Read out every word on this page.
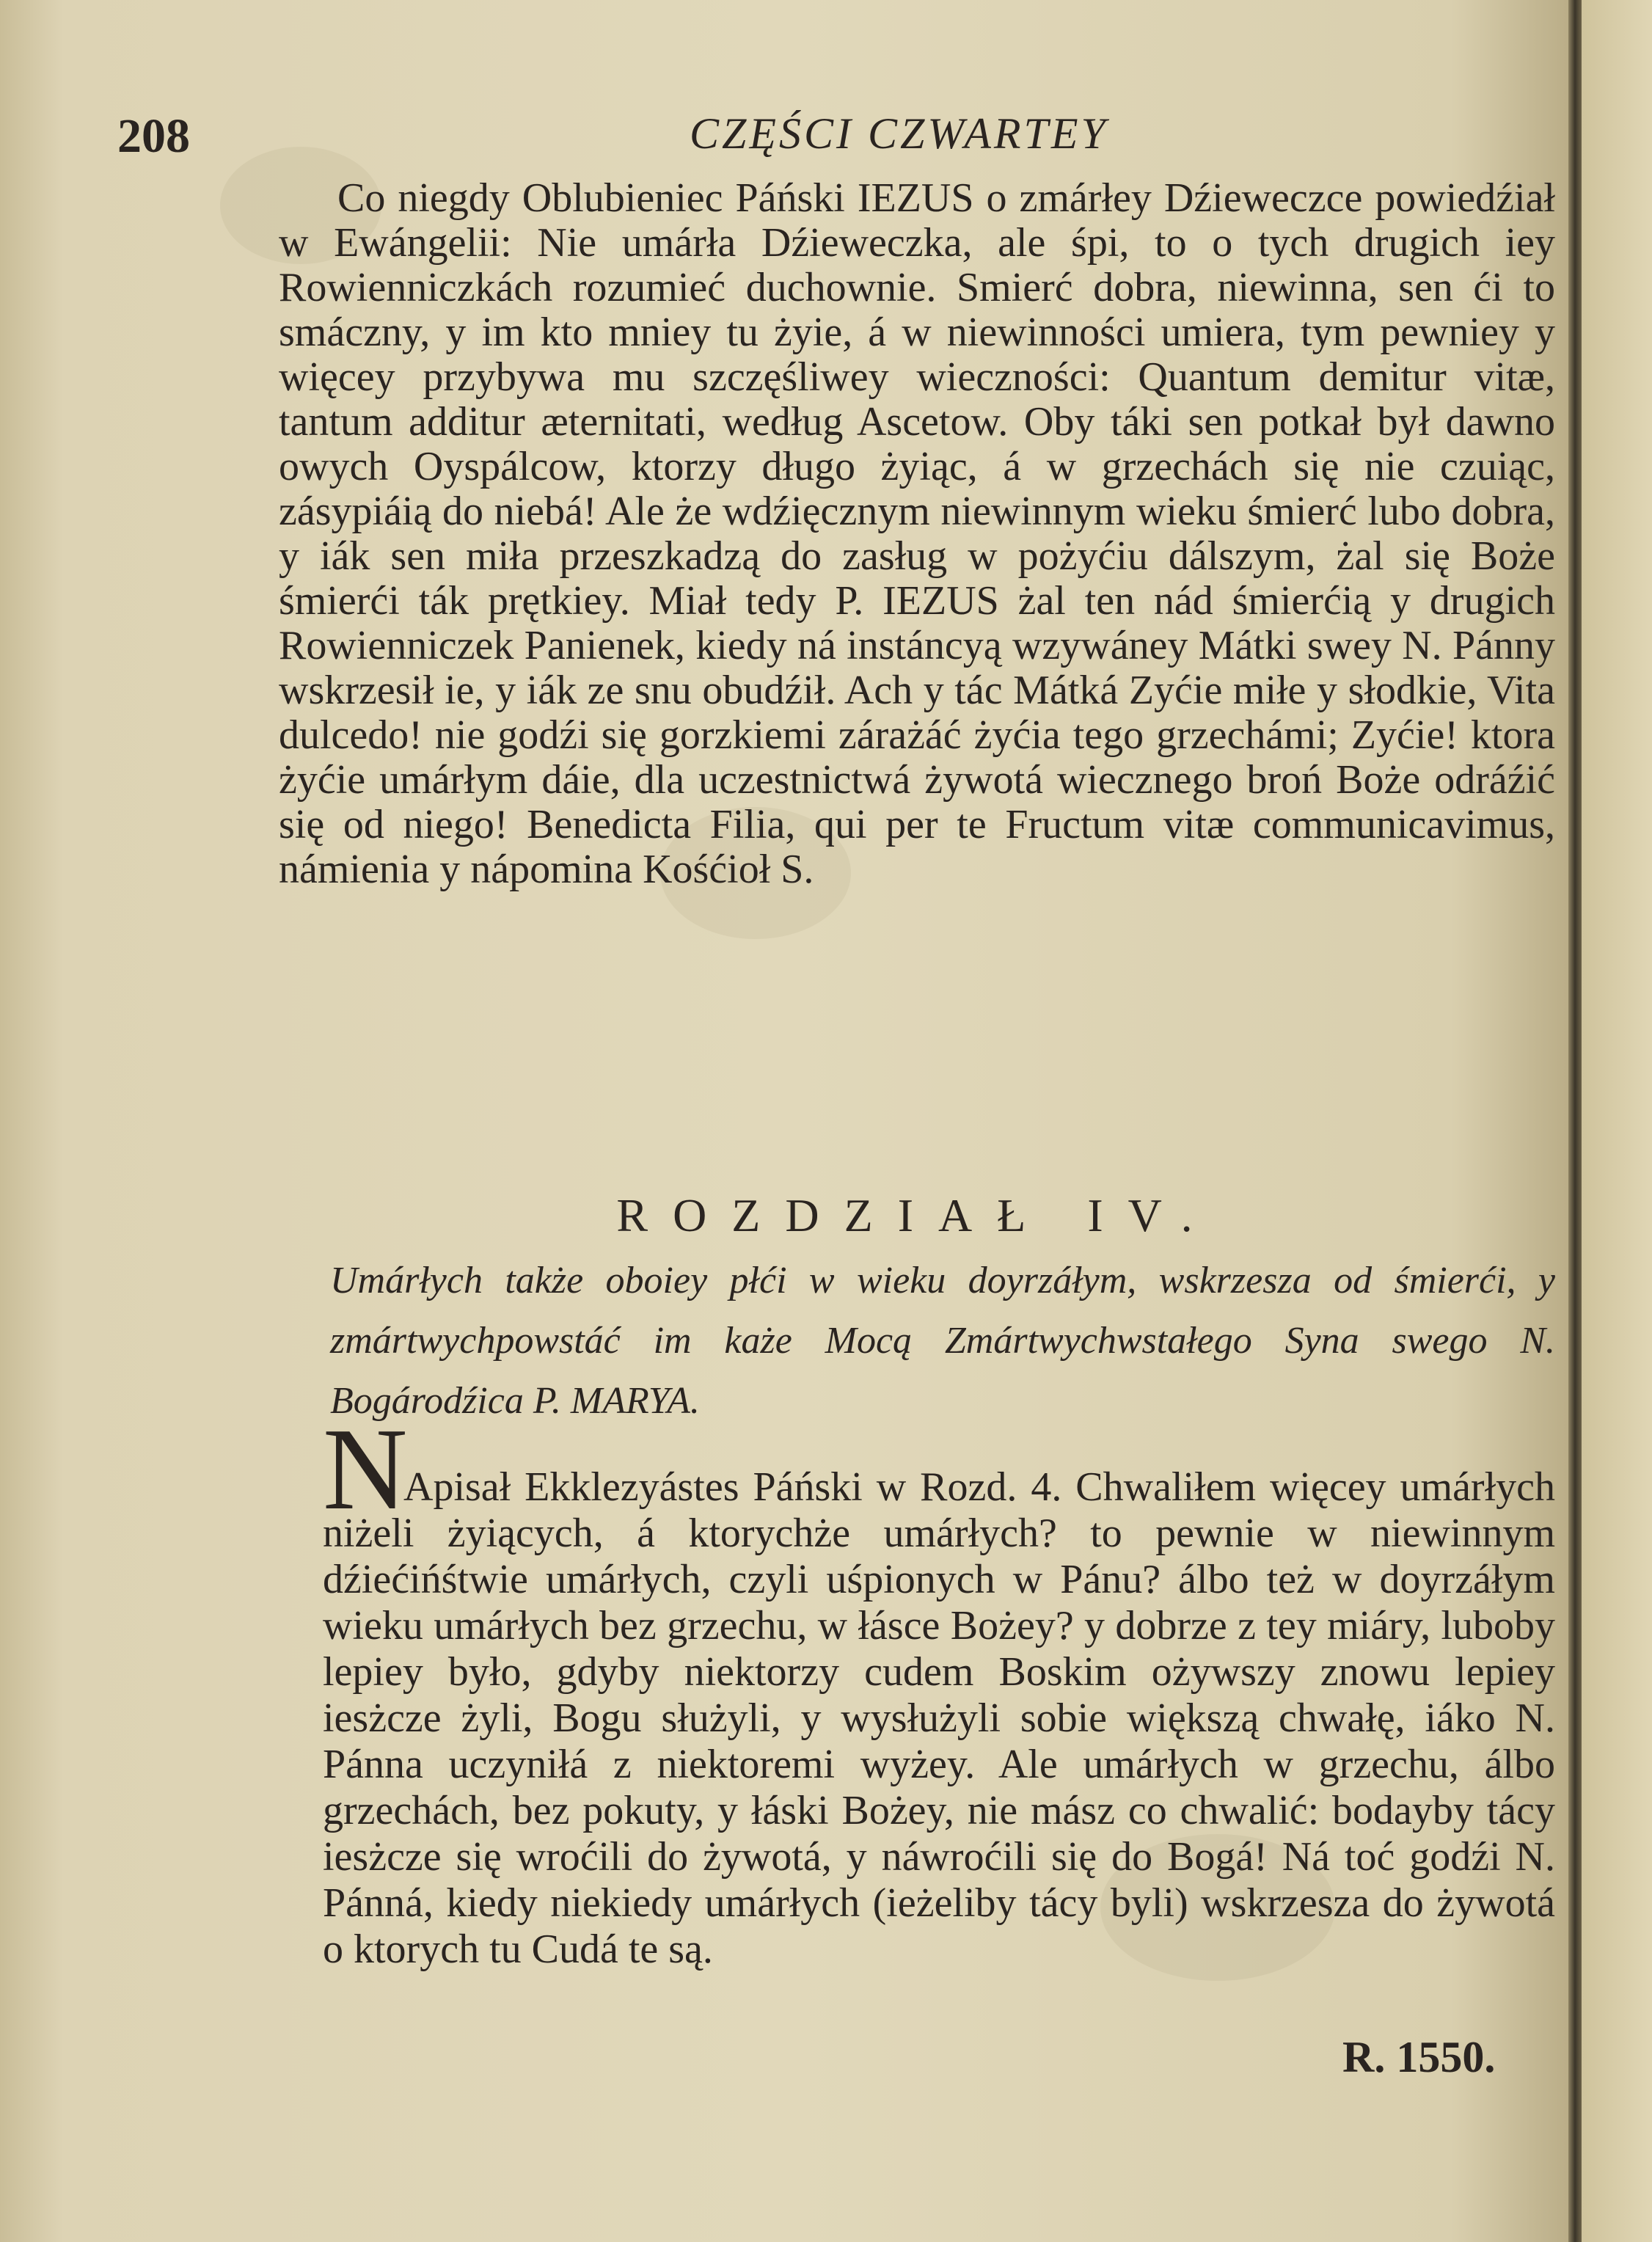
208	CZĘŚCI CZWARTEY

Co niegdy Oblubieniec Páński IEZUS o zmárłey Dźieweczce powiedźiał w Ewángelii: Nie umárła Dźieweczka, ale śpi, to o tych drugich iey Rowienniczkách rozumieć duchownie. Smierć dobra, niewinna, sen ći to smáczny, y im kto mniey tu żyie, á w niewinności umiera, tym pewniey y więcey przybywa mu szczęśliwey wieczności: Quantum demitur vitæ, tantum additur æternitati, według Ascetow. Oby táki sen potkał był dawno owych Oyspálcow, ktorzy długo żyiąc, á w grzechách się nie czuiąc, zásypiáią do niebá! Ale że wdźięcznym niewinnym wieku śmierć lubo dobra, y iák sen miła przeszkadzą do zasług w pożyćiu dálszym, żal się Boże śmierći ták prętkiey. Miał tedy P. IEZUS żal ten nád śmierćią y drugich Rowienniczek Panienek, kiedy ná instáncyą wzywáney Mátki swey N. Pánny wskrzesił ie, y iák ze snu obudźił. Ach y tác Mátká Zyćie miłe y słodkie, Vita dulcedo! nie godźi się gorzkiemi zárażáć żyćia tego grzechámi; Zyćie! ktora żyćie umárłym dáie, dla uczestnictwá żywotá wiecznego broń Boże odráźić się od niego! Benedicta Filia, qui per te Fructum vitæ communicavimus, námienia y nápomina Kośćioł S.

ROZDZIAŁ IV.
Umárłych także oboiey płći w wieku doyrzáłym, wskrzesza od śmierći, y zmártwychpowstáć im każe Mocą Zmártwychwstałego Syna swego N. Bogárodźica P. MARYA.
N

Apisał Ekklezyástes Páński w Rozd. 4. Chwaliłem więcey umárłych niżeli żyiących, á ktorychże umárłych? to pewnie w niewinnym dźiećińśtwie umárłych, czyli uśpionych w Pánu? álbo też w doyrzáłym wieku umárłych bez grzechu, w łásce Bożey? y dobrze z tey miáry, luboby lepiey było, gdyby niektorzy cudem Boskim ożywszy znowu lepiey iesżcze żyli, Bogu służyli, y wysłużyli sobie większą chwałę, iáko N. Pánna uczyniłá z niektoremi wyżey. Ale umárłych w grzechu, álbo grzechách, bez pokuty, y łáski Bożey, nie mász co chwalić: bodayby tácy iesżcze się wroćili do żywotá, y náwroćili się do Bogá! Ná toć godźi N. Pánná, kiedy niekiedy umárłych (ieżeliby tácy byli) wskrzesza do żywotá o ktorych tu Cudá te są.

R. 1550.
